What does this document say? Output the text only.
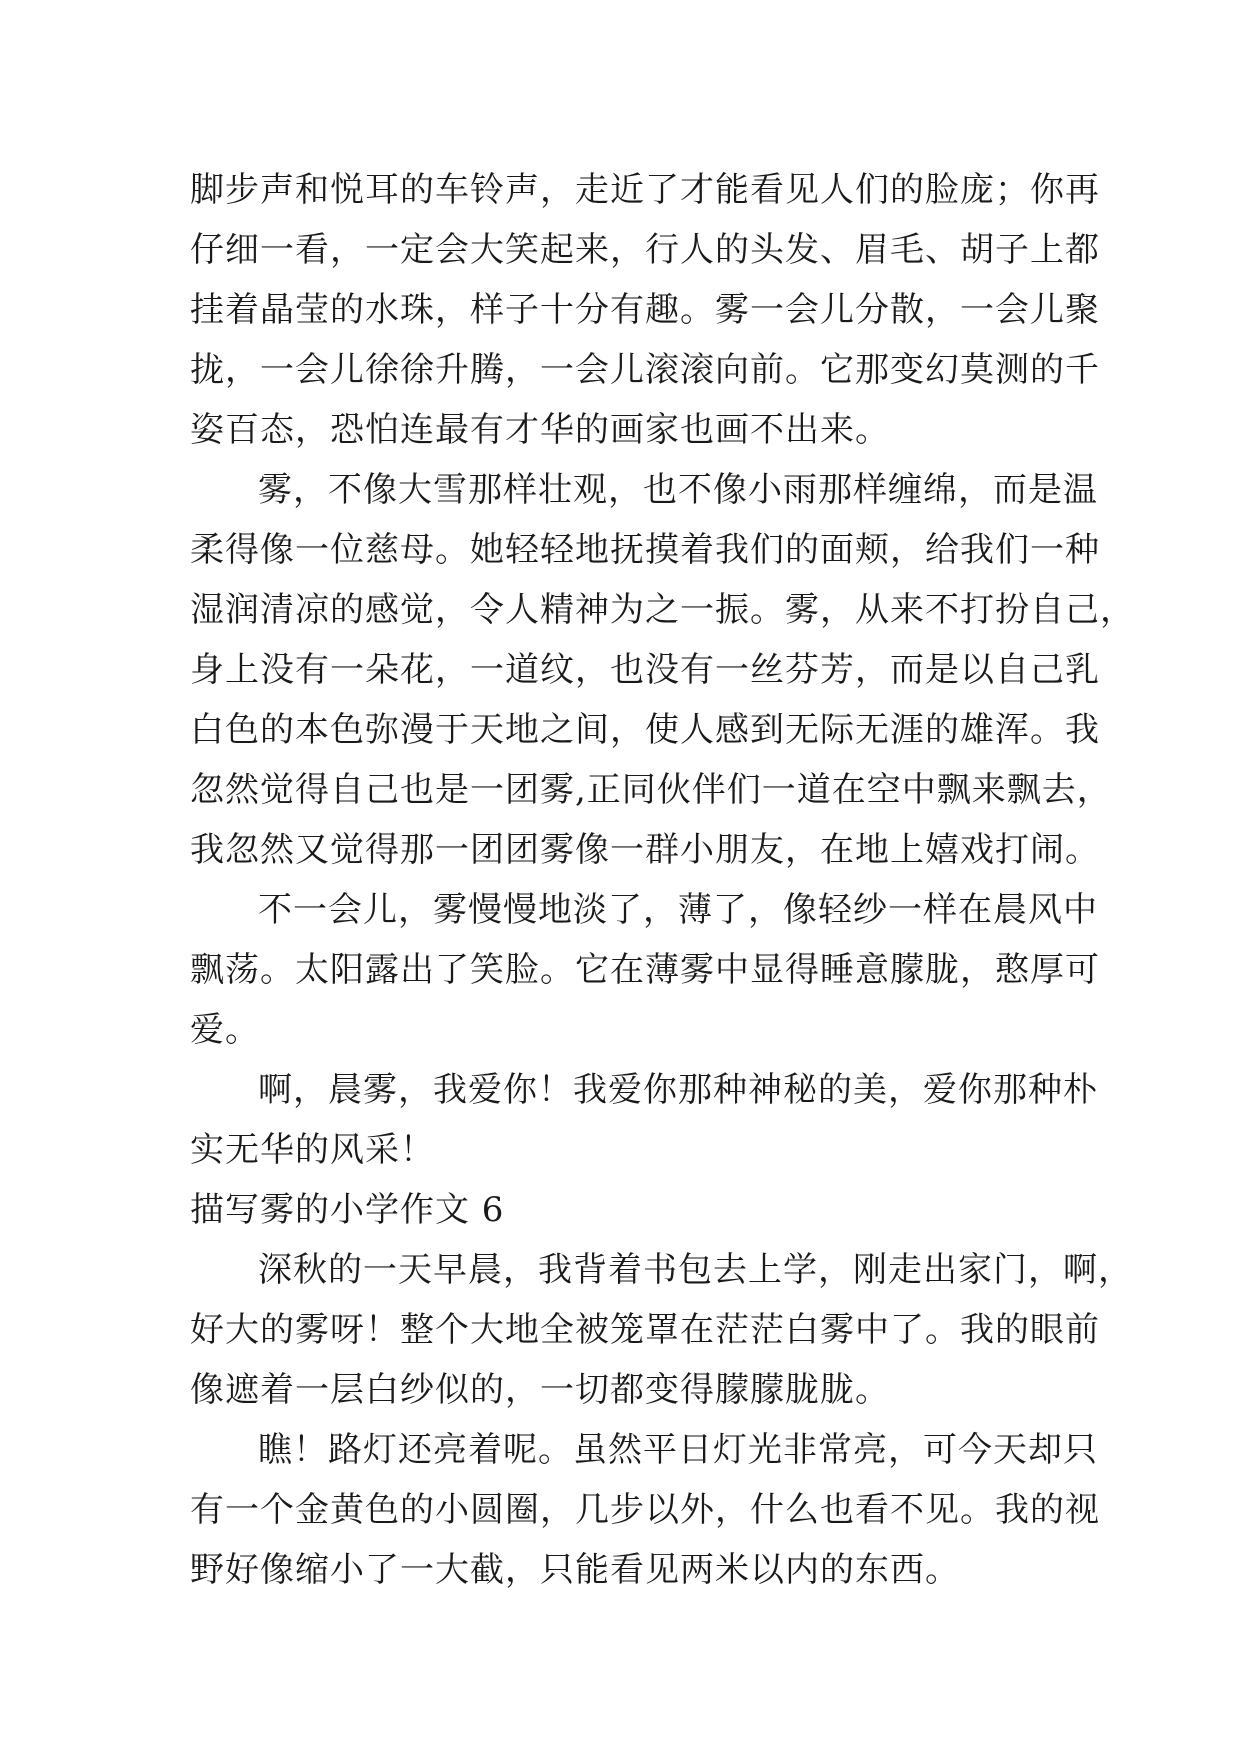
脚步声和悦耳的车铃声，走近了才能看见人们的脸庞；你再
仔细一看，一定会大笑起来，行人的头发、眉毛、胡子上都
挂着晶莹的水珠，样子十分有趣。雾一会儿分散，一会儿聚
拢，一会儿徐徐升腾，一会儿滚滚向前。它那变幻莫测的千
姿百态，恐怕连最有才华的画家也画不出来。
雾，不像大雪那样壮观，也不像小雨那样缠绵，而是温
柔得像一位慈母。她轻轻地抚摸着我们的面颊，给我们一种
湿润清凉的感觉，令人精神为之一振。雾，从来不打扮自己，
身上没有一朵花，一道纹，也没有一丝芬芳，而是以自己乳
白色的本色弥漫于天地之间，使人感到无际无涯的雄浑。我
忽然觉得自己也是一团雾,正同伙伴们一道在空中飘来飘去，
我忽然又觉得那一团团雾像一群小朋友，在地上嬉戏打闹。
不一会儿，雾慢慢地淡了，薄了，像轻纱一样在晨风中
飘荡。太阳露出了笑脸。它在薄雾中显得睡意朦胧，憨厚可
爱。
啊，晨雾，我爱你！我爱你那种神秘的美，爱你那种朴
实无华的风采！
描写雾的小学作文 6
深秋的一天早晨，我背着书包去上学，刚走出家门，啊，
好大的雾呀！整个大地全被笼罩在茫茫白雾中了。我的眼前
像遮着一层白纱似的，一切都变得朦朦胧胧。
瞧！路灯还亮着呢。虽然平日灯光非常亮，可今天却只
有一个金黄色的小圆圈，几步以外，什么也看不见。我的视
野好像缩小了一大截，只能看见两米以内的东西。
